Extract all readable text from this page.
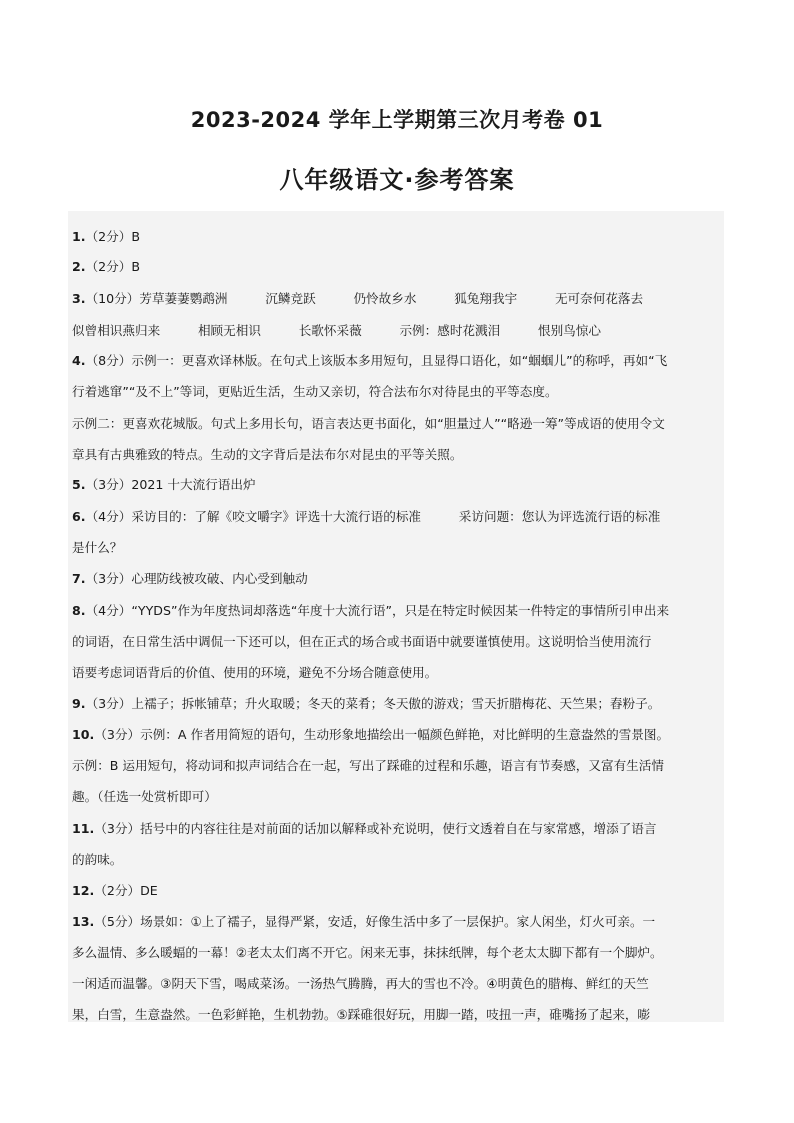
2023-2024 学年上学期第三次月考卷 01
八年级语文·参考答案
1.（2分）B
2.（2分）B
3.（10分）芳草萋萋鹦鹉洲　　　沉鳞竞跃　　　仍怜故乡水　　　狐兔翔我宇　　　无可奈何花落去
似曾相识燕归来　　　相顾无相识　　　长歌怀采薇　　　示例：感时花溅泪　　　恨别鸟惊心
4.（8分）示例一：更喜欢译林版。在句式上该版本多用短句，且显得口语化，如“蝈蝈儿”的称呼，再如“飞
行着逃窜”“及不上”等词，更贴近生活，生动又亲切，符合法布尔对待昆虫的平等态度。
示例二：更喜欢花城版。句式上多用长句，语言表达更书面化，如“胆量过人”“略逊一筹”等成语的使用令文
章具有古典雅致的特点。生动的文字背后是法布尔对昆虫的平等关照。
5.（3分）2021 十大流行语出炉
6.（4分）采访目的：了解《咬文嚼字》评选十大流行语的标准　　　采访问题：您认为评选流行语的标准
是什么？
7.（3分）心理防线被攻破、内心受到触动
8.（4分）“YYDS”作为年度热词却落选“年度十大流行语”，只是在特定时候因某一件特定的事情所引申出来
的词语，在日常生活中调侃一下还可以，但在正式的场合或书面语中就要谨慎使用。这说明恰当使用流行
语要考虑词语背后的价值、使用的环境，避免不分场合随意使用。
9.（3分）上襦子；拆帐铺草；升火取暖；冬天的菜肴；冬天傲的游戏；雪天折腊梅花、天竺果；舂粉子。
10.（3分）示例：A 作者用简短的语句，生动形象地描绘出一幅颜色鲜艳，对比鲜明的生意盎然的雪景图。
示例：B 运用短句，将动词和拟声词结合在一起，写出了踩碓的过程和乐趣，语言有节奏感，又富有生活情
趣。（任选一处赏析即可）
11.（3分）括号中的内容往往是对前面的话加以解释或补充说明，使行文透着自在与家常感，增添了语言
的韵味。
12.（2分）DE
13.（5分）场景如：①上了襦子，显得严紧，安适，好像生活中多了一层保护。家人闲坐，灯火可亲。一
多么温情、多么暖蝠的一幕！②老太太们离不开它。闲来无事，抹抹纸牌，每个老太太脚下都有一个脚炉。
一闲适而温馨。③阴天下雪，喝咸菜汤。一汤热气腾腾，再大的雪也不冷。④明黄色的腊梅、鲜红的天竺
果，白雪，生意盎然。一色彩鲜艳，生机勃勃。⑤踩碓很好玩，用脚一踏，吱扭一声，碓嘴扬了起来，嘭
